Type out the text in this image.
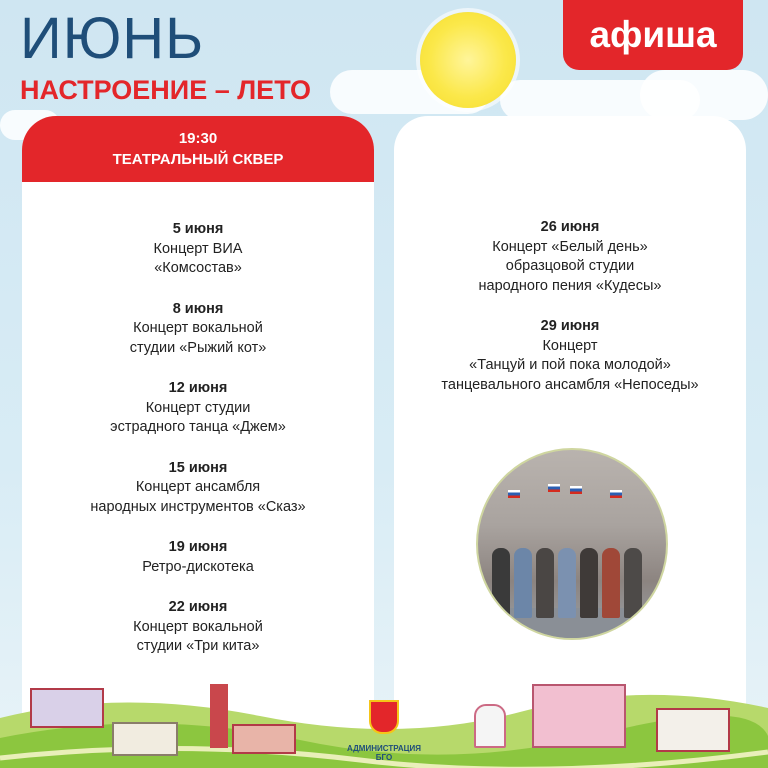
ИЮНЬ
НАСТРОЕНИЕ – ЛЕТО
афиша
19:30
ТЕАТРАЛЬНЫЙ СКВЕР
5 июня
Концерт ВИА
«Комсостав»
8 июня
Концерт вокальной
студии «Рыжий кот»
12 июня
Концерт студии
эстрадного танца «Джем»
15 июня
Концерт ансамбля
народных инструментов «Сказ»
19 июня
Ретро-дискотека
22 июня
Концерт вокальной
студии «Три кита»
26 июня
Концерт «Белый день»
образцовой студии
народного пения «Кудесы»
29 июня
Концерт
«Танцуй и пой пока молодой»
танцевального ансамбля «Непоседы»
АДМИНИСТРАЦИЯ БГО
